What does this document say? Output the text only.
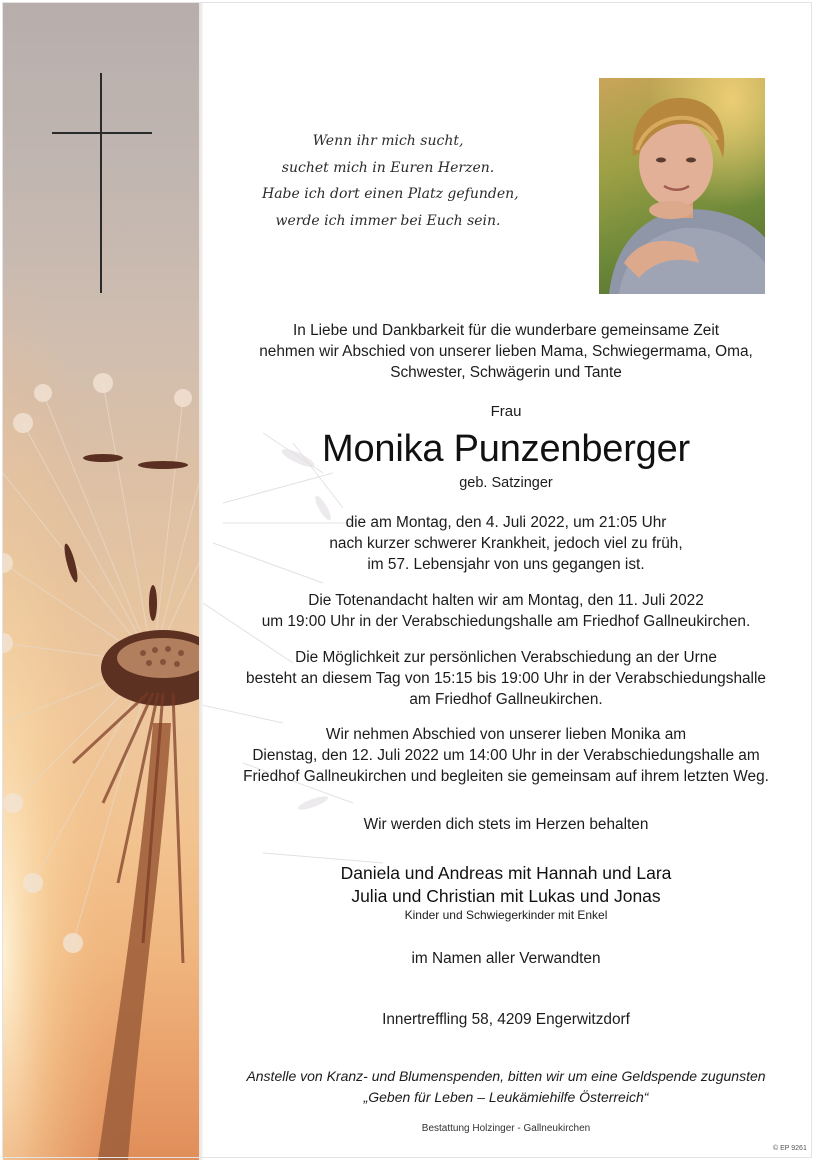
Wenn ihr mich sucht,
suchet mich in Euren Herzen.
Habe ich dort einen Platz gefunden,
werde ich immer bei Euch sein.
In Liebe und Dankbarkeit für die wunderbare gemeinsame Zeit
nehmen wir Abschied von unserer lieben Mama, Schwiegermama, Oma,
Schwester, Schwägerin und Tante
Frau
Monika Punzenberger
geb. Satzinger
die am Montag, den 4. Juli 2022, um 21:05 Uhr
nach kurzer schwerer Krankheit, jedoch viel zu früh,
im 57. Lebensjahr von uns gegangen ist.
Die Totenandacht halten wir am Montag, den 11. Juli 2022
um 19:00 Uhr in der Verabschiedungshalle am Friedhof Gallneukirchen.
Die Möglichkeit zur persönlichen Verabschiedung an der Urne
besteht an diesem Tag von 15:15 bis 19:00 Uhr in der Verabschiedungshalle
am Friedhof Gallneukirchen.
Wir nehmen Abschied von unserer lieben Monika am
Dienstag, den 12. Juli 2022 um 14:00 Uhr in der Verabschiedungshalle am
Friedhof Gallneukirchen und begleiten sie gemeinsam auf ihrem letzten Weg.
Wir werden dich stets im Herzen behalten
Daniela und Andreas mit Hannah und Lara
Julia und Christian mit Lukas und Jonas
Kinder und Schwiegerkinder mit Enkel
im Namen aller Verwandten
Innertreffling 58, 4209 Engerwitzdorf
Anstelle von Kranz- und Blumenspenden, bitten wir um eine Geldspende zugunsten
„Geben für Leben – Leukämiehilfe Österreich“
Bestattung Holzinger - Gallneukirchen
© EP 9261
